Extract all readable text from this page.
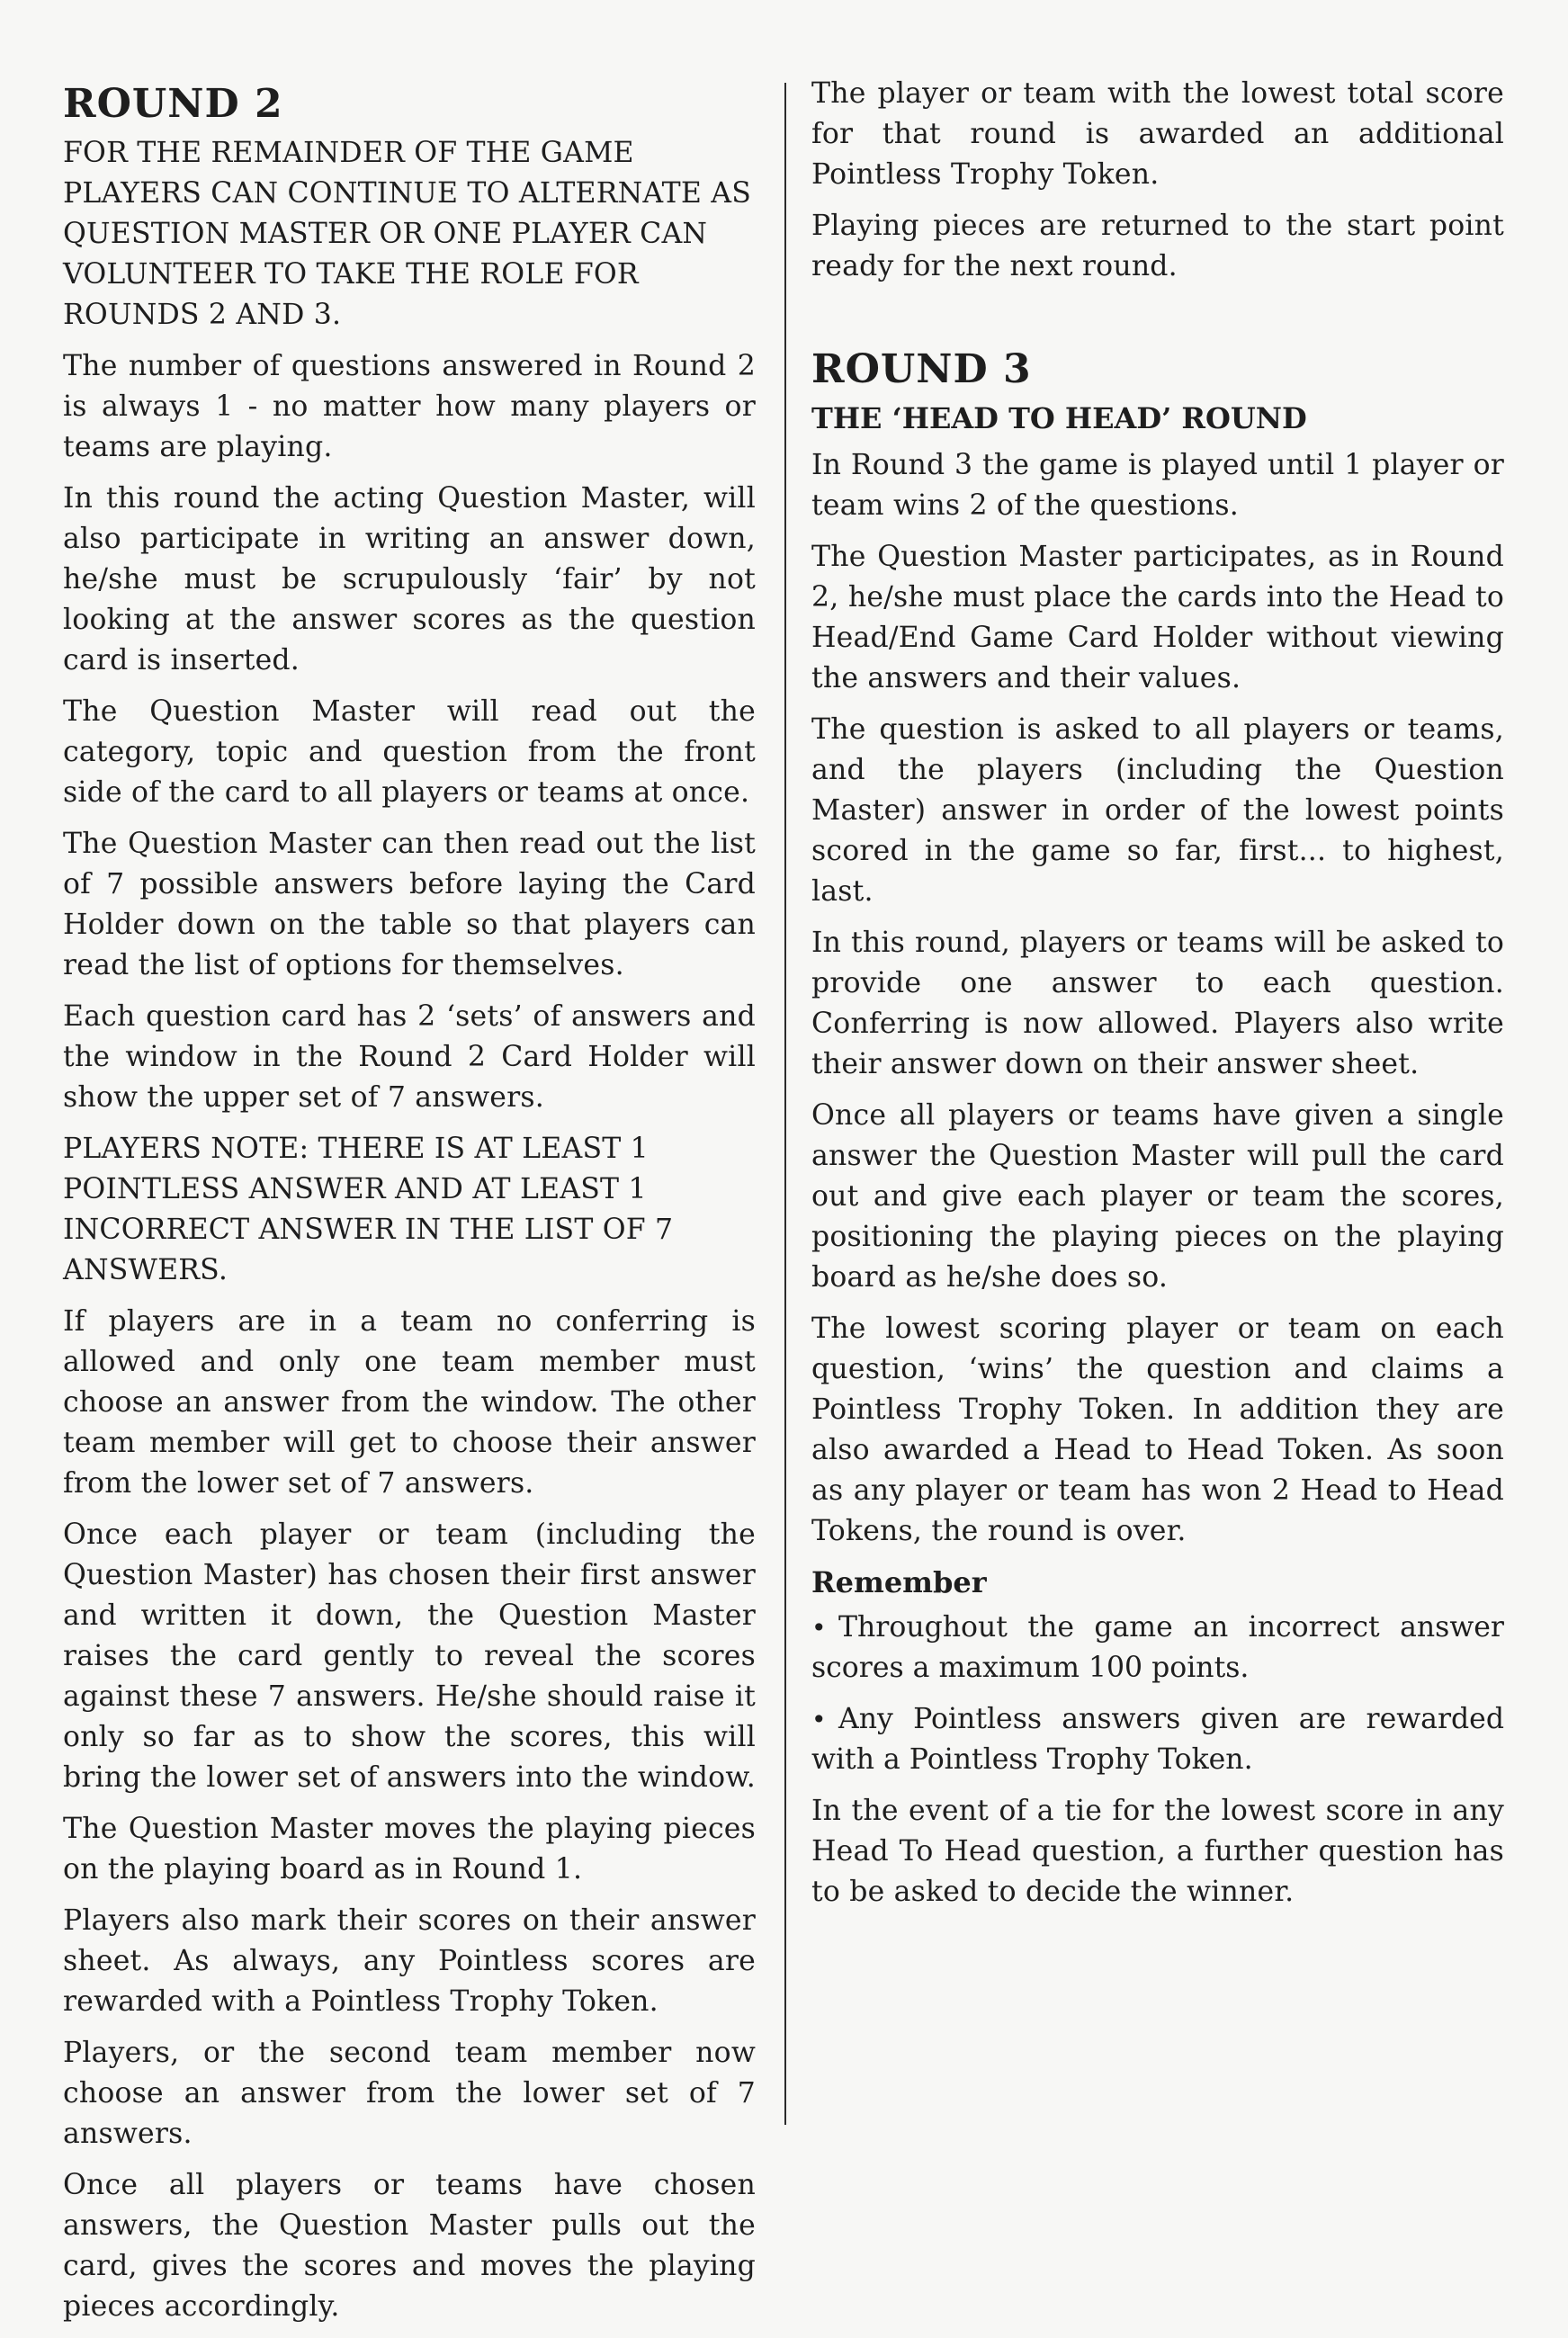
ROUND 2

FOR THE REMAINDER OF THE GAME PLAYERS CAN CONTINUE TO ALTERNATE AS QUESTION MASTER OR ONE PLAYER CAN VOLUNTEER TO TAKE THE ROLE FOR ROUNDS 2 AND 3.

The number of questions answered in Round 2 is always 1 - no matter how many players or teams are playing.

In this round the acting Question Master, will also participate in writing an answer down, he/she must be scrupulously ‘fair’ by not looking at the answer scores as the question card is inserted.

The Question Master will read out the category, topic and question from the front side of the card to all players or teams at once.

The Question Master can then read out the list of 7 possible answers before laying the Card Holder down on the table so that players can read the list of options for themselves.

Each question card has 2 ‘sets’ of answers and the window in the Round 2 Card Holder will show the upper set of 7 answers.

PLAYERS NOTE: THERE IS AT LEAST 1 POINTLESS ANSWER AND AT LEAST 1 INCORRECT ANSWER IN THE LIST OF 7 ANSWERS.

If players are in a team no conferring is allowed and only one team member must choose an answer from the window. The other team member will get to choose their answer from the lower set of 7 answers.

Once each player or team (including the Question Master) has chosen their first answer and written it down, the Question Master raises the card gently to reveal the scores against these 7 answers. He/she should raise it only so far as to show the scores, this will bring the lower set of answers into the window.

The Question Master moves the playing pieces on the playing board as in Round 1.

Players also mark their scores on their answer sheet. As always, any Pointless scores are rewarded with a Pointless Trophy Token.

Players, or the second team member now choose an answer from the lower set of 7 answers.

Once all players or teams have chosen answers, the Question Master pulls out the card, gives the scores and moves the playing pieces accordingly.

The player or team with the lowest total score for that round is awarded an additional Pointless Trophy Token.

Playing pieces are returned to the start point ready for the next round.

ROUND 3
THE ‘HEAD TO HEAD’ ROUND

In Round 3 the game is played until 1 player or team wins 2 of the questions.

The Question Master participates, as in Round 2, he/she must place the cards into the Head to Head/End Game Card Holder without viewing the answers and their values.

The question is asked to all players or teams, and the players (including the Question Master) answer in order of the lowest points scored in the game so far, first... to highest, last.

In this round, players or teams will be asked to provide one answer to each question. Conferring is now allowed. Players also write their answer down on their answer sheet.

Once all players or teams have given a single answer the Question Master will pull the card out and give each player or team the scores, positioning the playing pieces on the playing board as he/she does so.

The lowest scoring player or team on each question, ‘wins’ the question and claims a Pointless Trophy Token. In addition they are also awarded a Head to Head Token. As soon as any player or team has won 2 Head to Head Tokens, the round is over.

Remember
• Throughout the game an incorrect answer scores a maximum 100 points.
• Any Pointless answers given are rewarded with a Pointless Trophy Token.

In the event of a tie for the lowest score in any Head To Head question, a further question has to be asked to decide the winner.
